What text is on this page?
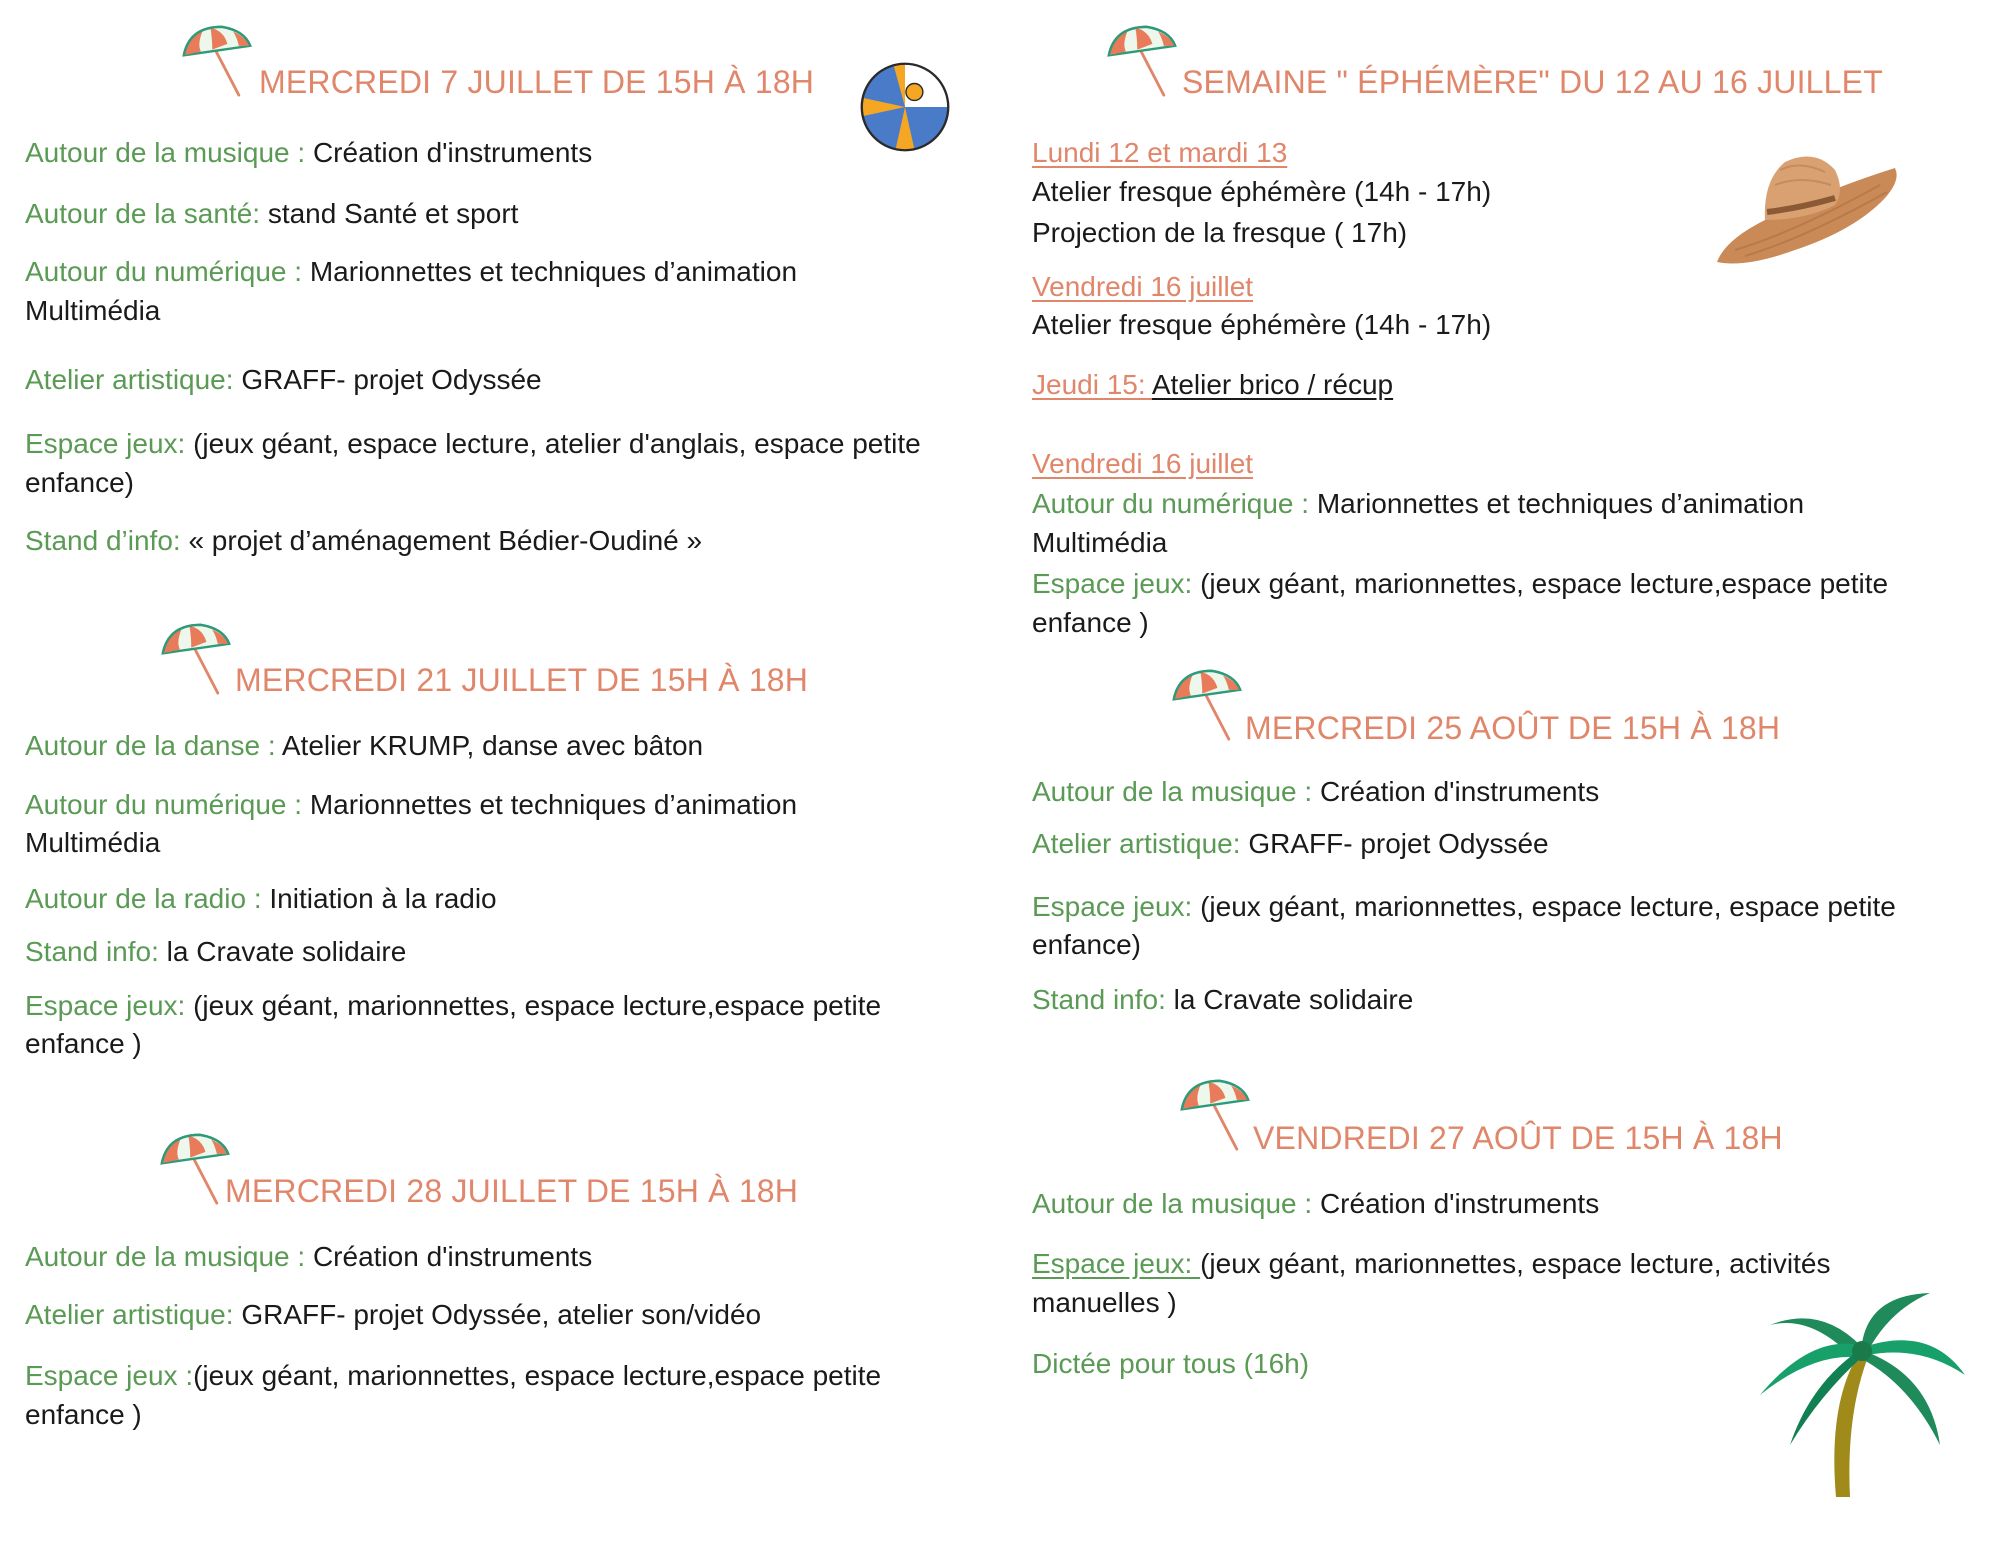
MERCREDI 7 JUILLET DE 15H À 18H
Autour de la musique : Création d'instruments
Autour de la santé: stand Santé et sport
Autour du numérique : Marionnettes et techniques d’animation
Multimédia
Atelier artistique: GRAFF- projet Odyssée
Espace jeux: (jeux géant, espace lecture, atelier d'anglais, espace petite
enfance)
Stand d’info: « projet d’aménagement Bédier-Oudiné »
MERCREDI 21 JUILLET DE 15H À 18H
Autour de la danse : Atelier KRUMP, danse avec bâton
Autour du numérique : Marionnettes et techniques d’animation
Multimédia
Autour de la radio : Initiation à la radio
Stand info: la Cravate solidaire
Espace jeux: (jeux géant, marionnettes, espace lecture,espace petite
enfance )
MERCREDI 28 JUILLET DE 15H À 18H
Autour de la musique : Création d'instruments
Atelier artistique: GRAFF- projet Odyssée, atelier son/vidéo
Espace jeux :(jeux géant, marionnettes, espace lecture,espace petite
enfance )
SEMAINE " ÉPHÉMÈRE" DU 12 AU 16 JUILLET
Lundi 12 et mardi 13
Atelier fresque éphémère (14h - 17h)
Projection de la fresque ( 17h)
Vendredi 16 juillet
Atelier fresque éphémère (14h - 17h)
Jeudi 15: Atelier brico / récup
Vendredi 16 juillet
Autour du numérique : Marionnettes et techniques d’animation
Multimédia
Espace jeux: (jeux géant, marionnettes, espace lecture,espace petite
enfance )
MERCREDI 25 AOÛT DE 15H À 18H
Autour de la musique : Création d'instruments
Atelier artistique: GRAFF- projet Odyssée
Espace jeux: (jeux géant, marionnettes, espace lecture, espace petite
enfance)
Stand info: la Cravate solidaire
VENDREDI 27 AOÛT DE 15H À 18H
Autour de la musique : Création d'instruments
Espace jeux: (jeux géant, marionnettes, espace lecture, activités
manuelles )
Dictée pour tous (16h)
